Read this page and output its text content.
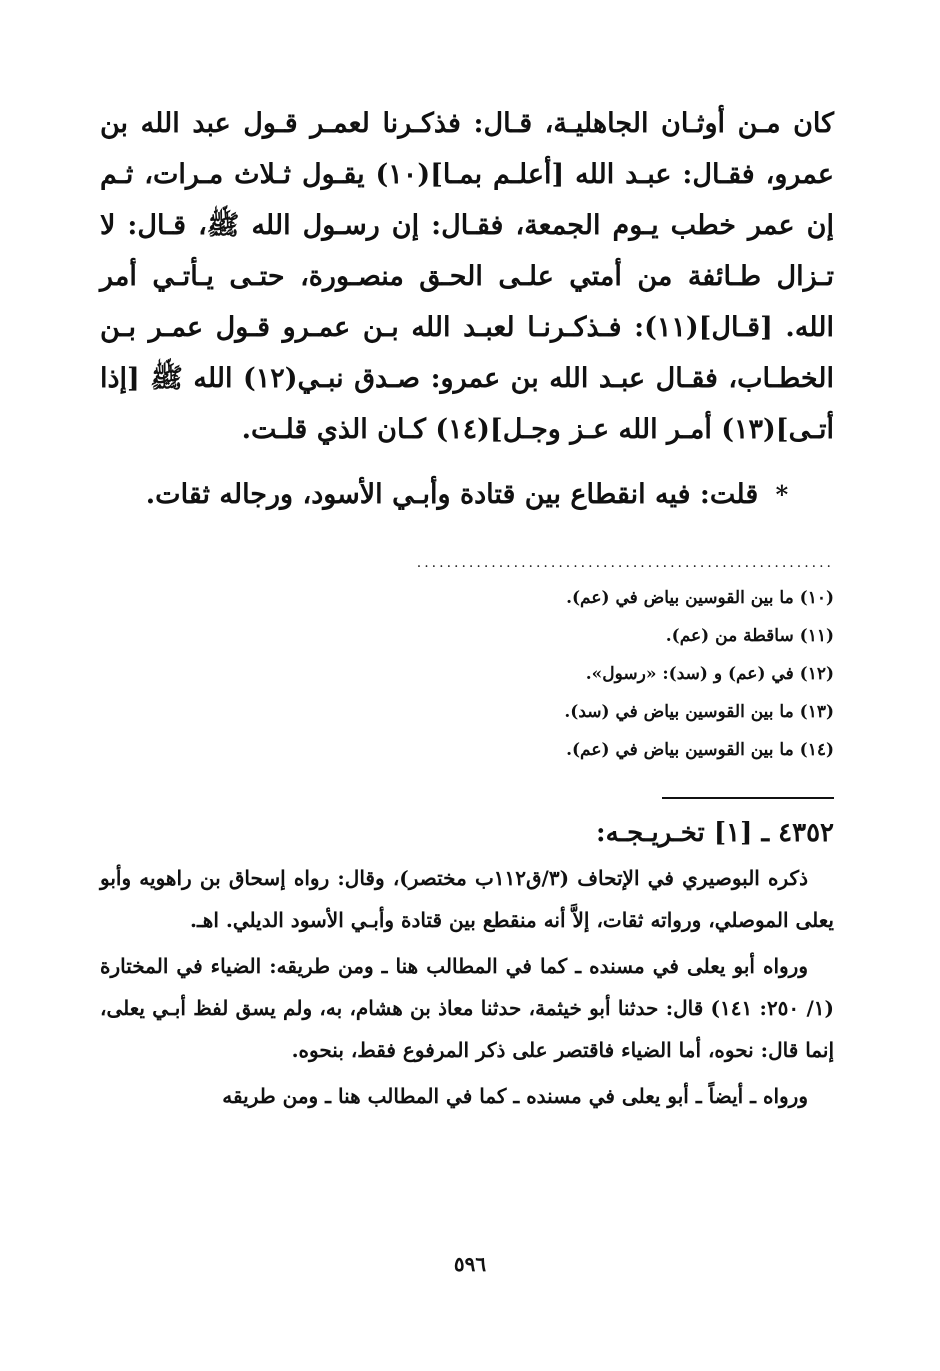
كان مـن أوثـان الجاهليـة، قـال: فذكـرنا لعمـر قـول عبد الله بن عمرو، فقـال: عبـد الله [أعلـم بمـا](١٠) يقـول ثـلاث مـرات، ثـم إن عمر خطب يـوم الجمعة، فقـال: إن رسـول الله ﷺ، قـال: لا تـزال طـائفة من أمتي علـى الحـق منصـورة، حتـى يـأتـي أمر الله. [قـال](١١): فـذكـرنـا لعبـد الله بـن عمـرو قـول عمـر بـن الخطـاب، فقـال عبـد الله بن عمرو: صـدق نبـي(١٢) الله ﷺ [إذا أتـى](١٣) أمـر الله عـز وجـل](١٤) كـان الذي قلـت.

* قلت: فيه انقطاع بين قتادة وأبـي الأسود، ورجاله ثقات.

........................................................
(١٠) ما بين القوسين بياض في (عم).
(١١) ساقطة من (عم).
(١٢) في (عم) و (سد): «رسول».
(١٣) ما بين القوسين بياض في (سد).
(١٤) ما بين القوسين بياض في (عم).
٤٣٥٢ ـ [١] تخـريـجـه:

ذكره البوصيري في الإتحاف (٣/ق١١٢ب مختصر)، وقال: رواه إسحاق بن راهويه وأبو يعلى الموصلي، ورواته ثقات، إلاَّ أنه منقطع بين قتادة وأبـي الأسود الديلي. اهـ.

ورواه أبو يعلى في مسنده ـ كما في المطالب هنا ـ ومن طريقه: الضياء في المختارة (١/ ٢٥٠: ١٤١) قال: حدثنا أبو خيثمة، حدثنا معاذ بن هشام، به، ولم يسق لفظ أبـي يعلى، إنما قال: نحوه، أما الضياء فاقتصر على ذكر المرفوع فقط، بنحوه.

ورواه ـ أيضاً ـ أبو يعلى في مسنده ـ كما في المطالب هنا ـ ومن طريقه

٥٩٦
